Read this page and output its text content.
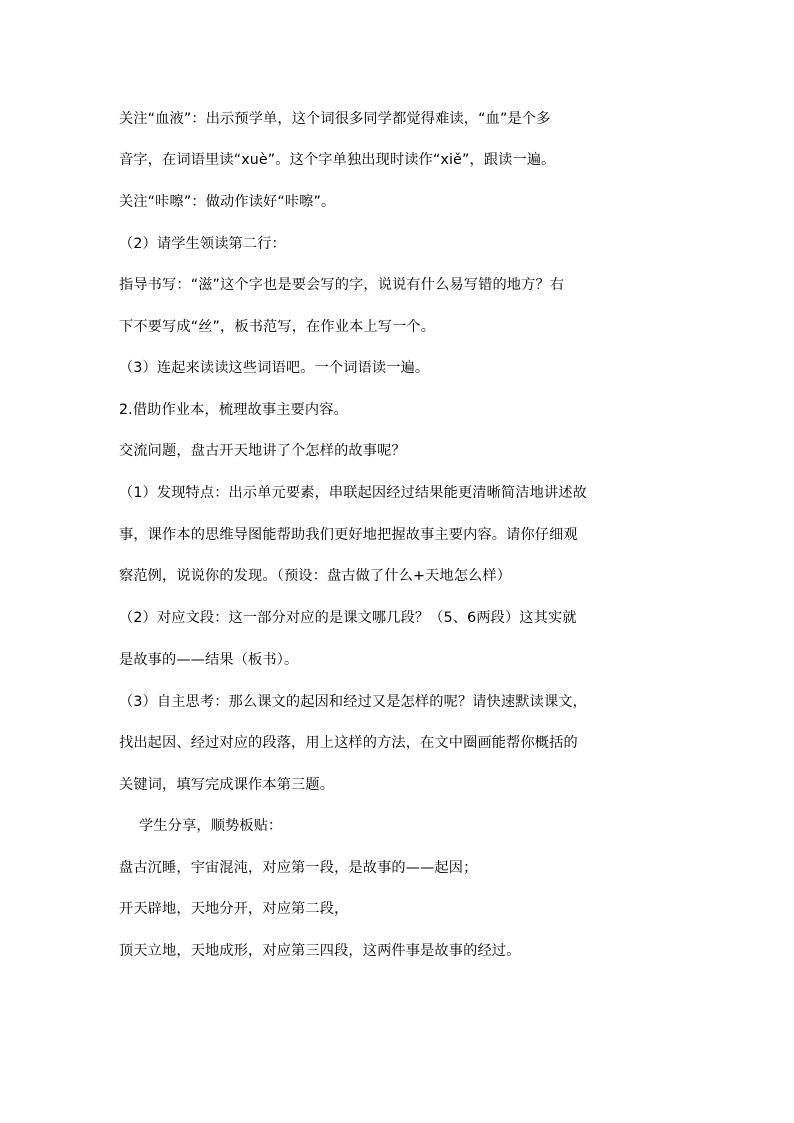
关注“血液”：出示预学单，这个词很多同学都觉得难读，“血”是个多
音字，在词语里读“xuè”。这个字单独出现时读作“xiě”，跟读一遍。
关注“咔嚓”：做动作读好“咔嚓”。
（2）请学生领读第二行：
指导书写：“滋”这个字也是要会写的字，说说有什么易写错的地方？右
下不要写成“丝”，板书范写，在作业本上写一个。
（3）连起来读读这些词语吧。一个词语读一遍。
2.借助作业本，梳理故事主要内容。
交流问题，盘古开天地讲了个怎样的故事呢？
（1）发现特点：出示单元要素，串联起因经过结果能更清晰简洁地讲述故
事，课作本的思维导图能帮助我们更好地把握故事主要内容。请你仔细观
察范例，说说你的发现。（预设：盘古做了什么+天地怎么样）
（2）对应文段：这一部分对应的是课文哪几段？（5、6两段）这其实就
是故事的——结果（板书）。
（3）自主思考：那么课文的起因和经过又是怎样的呢？请快速默读课文，
找出起因、经过对应的段落，用上这样的方法，在文中圈画能帮你概括的
关键词，填写完成课作本第三题。
学生分享，顺势板贴：
盘古沉睡，宇宙混沌，对应第一段，是故事的——起因；
开天辟地，天地分开，对应第二段，
顶天立地，天地成形，对应第三四段，这两件事是故事的经过。
